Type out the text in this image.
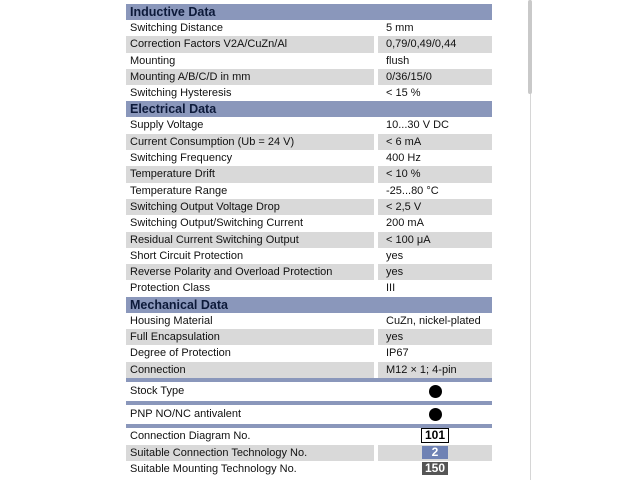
Inductive Data
Switching Distance	5 mm
Correction Factors V2A/CuZn/Al	0,79/0,49/0,44
Mounting	flush
Mounting A/B/C/D in mm	0/36/15/0
Switching Hysteresis	< 15 %
Electrical Data
Supply Voltage	10...30 V DC
Current Consumption (Ub = 24 V)	< 6 mA
Switching Frequency	400 Hz
Temperature Drift	< 10 %
Temperature Range	-25...80 °C
Switching Output Voltage Drop	< 2,5 V
Switching Output/Switching Current	200 mA
Residual Current Switching Output	< 100 μA
Short Circuit Protection	yes
Reverse Polarity and Overload Protection	yes
Protection Class	III
Mechanical Data
Housing Material	CuZn, nickel-plated
Full Encapsulation	yes
Degree of Protection	IP67
Connection	M12 × 1; 4-pin
Stock Type
PNP NO/NC antivalent
Connection Diagram No.	101
Suitable Connection Technology No.	2
Suitable Mounting Technology No.	150
